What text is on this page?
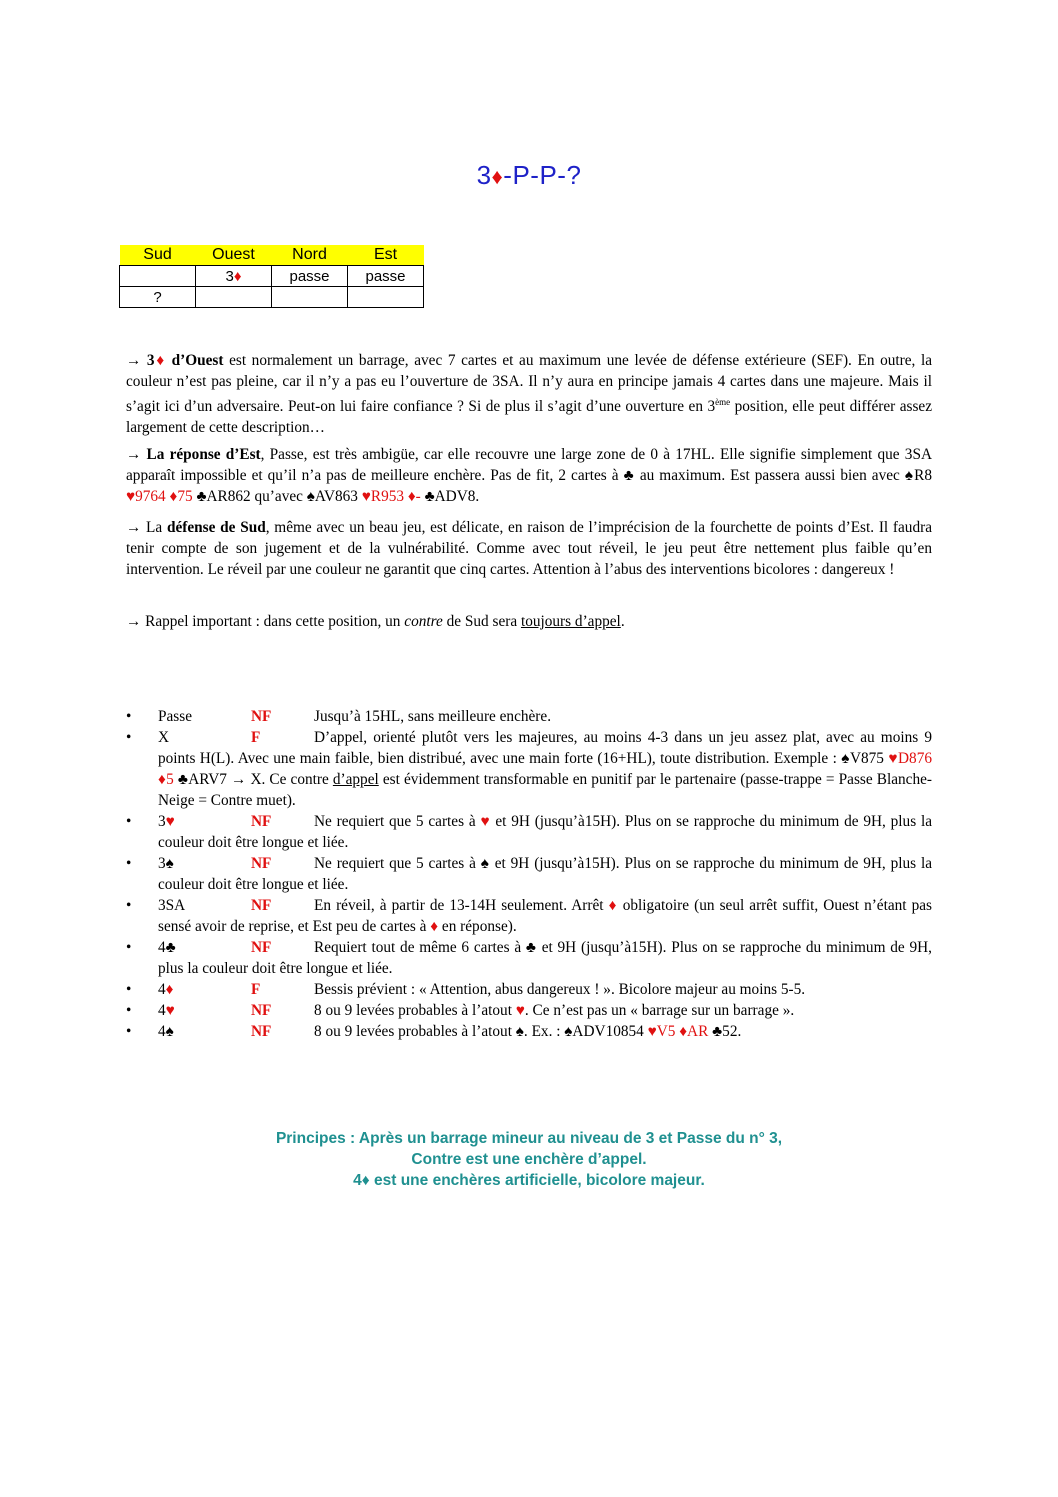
3♦-P-P-?
Sud	Ouest	Nord	Est
	3♦	passe	passe
?			

→ 3♦ d’Ouest est normalement un barrage, avec 7 cartes et au maximum une levée de défense extérieure (SEF). En outre, la couleur n’est pas pleine, car il n’y a pas eu l’ouverture de 3SA. Il n’y aura en principe jamais 4 cartes dans une majeure. Mais il s’agit ici d’un adversaire. Peut-on lui faire confiance ? Si de plus il s’agit d’une ouverture en 3ème position, elle peut différer assez largement de cette description…

→ La réponse d’Est, Passe, est très ambigüe, car elle recouvre une large zone de 0 à 17HL. Elle signifie simplement que 3SA apparaît impossible et qu’il n’a pas de meilleure enchère. Pas de fit, 2 cartes à ♣ au maximum. Est passera aussi bien avec ♠R8 ♥9764 ♦75 ♣AR862 qu’avec ♠AV863 ♥R953 ♦- ♣ADV8.

→ La défense de Sud, même avec un beau jeu, est délicate, en raison de l’imprécision de la fourchette de points d’Est. Il faudra tenir compte de son jugement et de la vulnérabilité. Comme avec tout réveil, le jeu peut être nettement plus faible qu’en intervention. Le réveil par une couleur ne garantit que cinq cartes. Attention à l’abus des interventions bicolores : dangereux !

→ Rappel important : dans cette position, un contre de Sud sera toujours d’appel.

• Passe	NF	Jusqu’à 15HL, sans meilleure enchère.
• X	F	D’appel, orienté plutôt vers les majeures, au moins 4-3 dans un jeu assez plat, avec au moins 9 points H(L). Avec une main faible, bien distribué, avec une main forte (16+HL), toute distribution. Exemple : ♠V875 ♥D876 ♦5 ♣ARV7 → X. Ce contre d’appel est évidemment transformable en punitif par le partenaire (passe-trappe = Passe Blanche-Neige = Contre muet).
• 3♥	NF	Ne requiert que 5 cartes à ♥ et 9H (jusqu’à15H). Plus on se rapproche du minimum de 9H, plus la couleur doit être longue et liée.
• 3♠	NF	Ne requiert que 5 cartes à ♠ et 9H (jusqu’à15H). Plus on se rapproche du minimum de 9H, plus la couleur doit être longue et liée.
• 3SA	NF	En réveil, à partir de 13-14H seulement. Arrêt ♦ obligatoire (un seul arrêt suffit, Ouest n’étant pas sensé avoir de reprise, et Est peu de cartes à ♦ en réponse).
• 4♣	NF	Requiert tout de même 6 cartes à ♣ et 9H (jusqu’à15H). Plus on se rapproche du minimum de 9H, plus la couleur doit être longue et liée.
• 4♦	F	Bessis prévient : « Attention, abus dangereux ! ». Bicolore majeur au moins 5-5.
• 4♥	NF	8 ou 9 levées probables à l’atout ♥. Ce n’est pas un « barrage sur un barrage ».
• 4♠	NF	8 ou 9 levées probables à l’atout ♠. Ex. : ♠ADV10854 ♥V5 ♦AR ♣52.
Principes : Après un barrage mineur au niveau de 3 et Passe du n° 3,
Contre est une enchère d’appel.
4♦ est une enchères artificielle, bicolore majeur.
